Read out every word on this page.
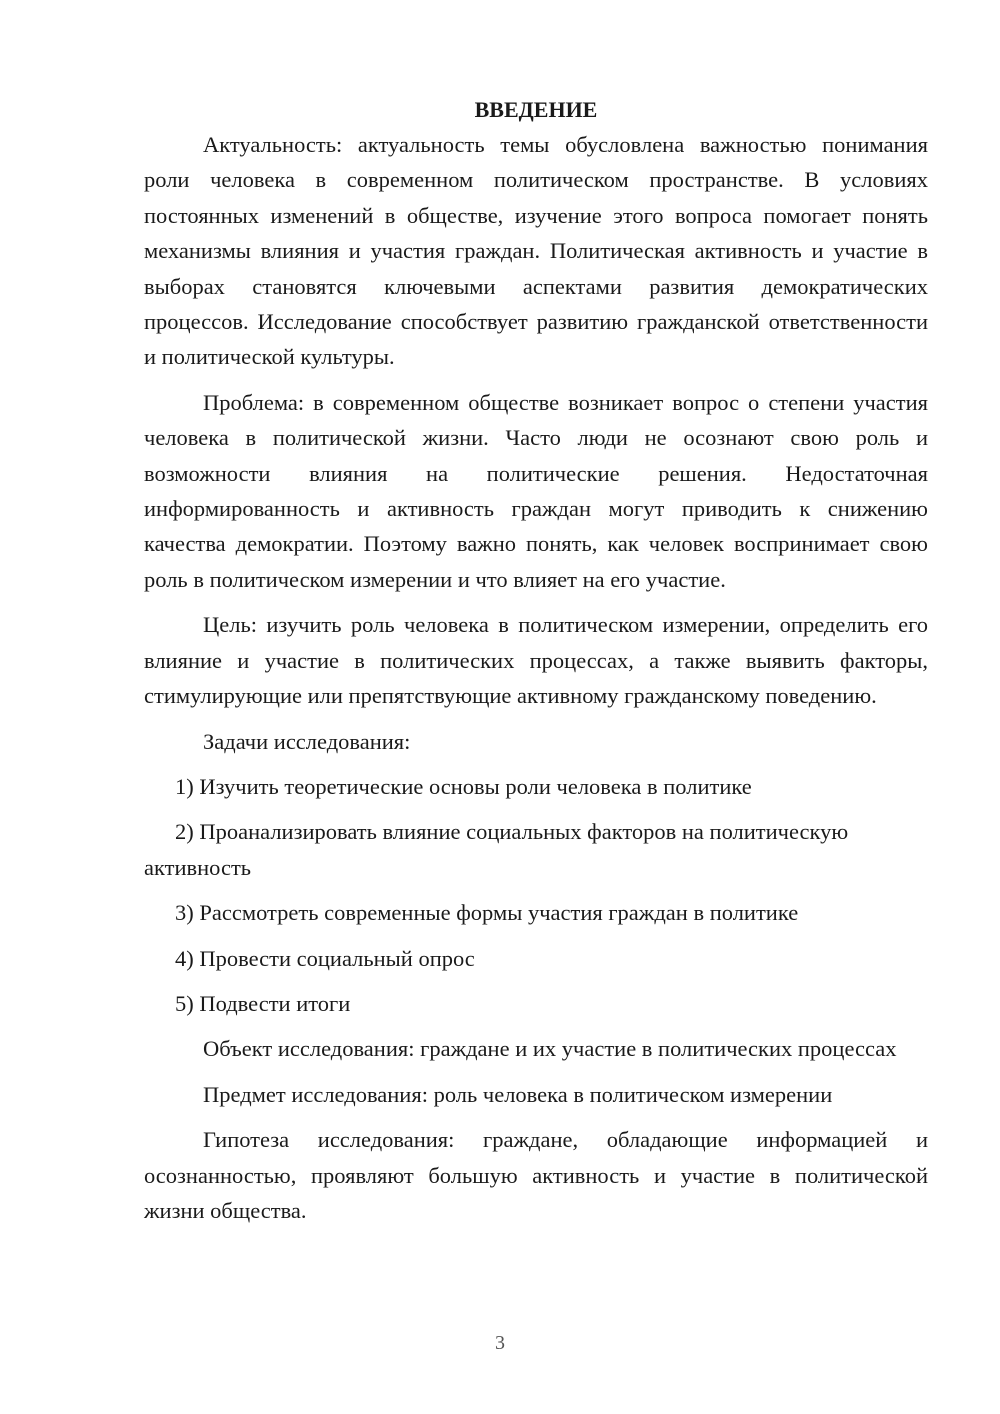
ВВЕДЕНИЕ

Актуальность: актуальность темы обусловлена важностью понимания роли человека в современном политическом пространстве. В условиях постоянных изменений в обществе, изучение этого вопроса помогает понять механизмы влияния и участия граждан. Политическая активность и участие в выборах становятся ключевыми аспектами развития демократических процессов. Исследование способствует развитию гражданской ответственности и политической культуры.

Проблема: в современном обществе возникает вопрос о степени участия человека в политической жизни. Часто люди не осознают свою роль и возможности влияния на политические решения. Недостаточная информированность и активность граждан могут приводить к снижению качества демократии. Поэтому важно понять, как человек воспринимает свою роль в политическом измерении и что влияет на его участие.

Цель: изучить роль человека в политическом измерении, определить его влияние и участие в политических процессах, а также выявить факторы, стимулирующие или препятствующие активному гражданскому поведению.

Задачи исследования:

1) Изучить теоретические основы роли человека в политике

2) Проанализировать влияние социальных факторов на политическую активность

3) Рассмотреть современные формы участия граждан в политике

4) Провести социальный опрос

5) Подвести итоги

Объект исследования: граждане и их участие в политических процессах

Предмет исследования: роль человека в политическом измерении

Гипотеза исследования: граждане, обладающие информацией и осознанностью, проявляют большую активность и участие в политической жизни общества.

3
